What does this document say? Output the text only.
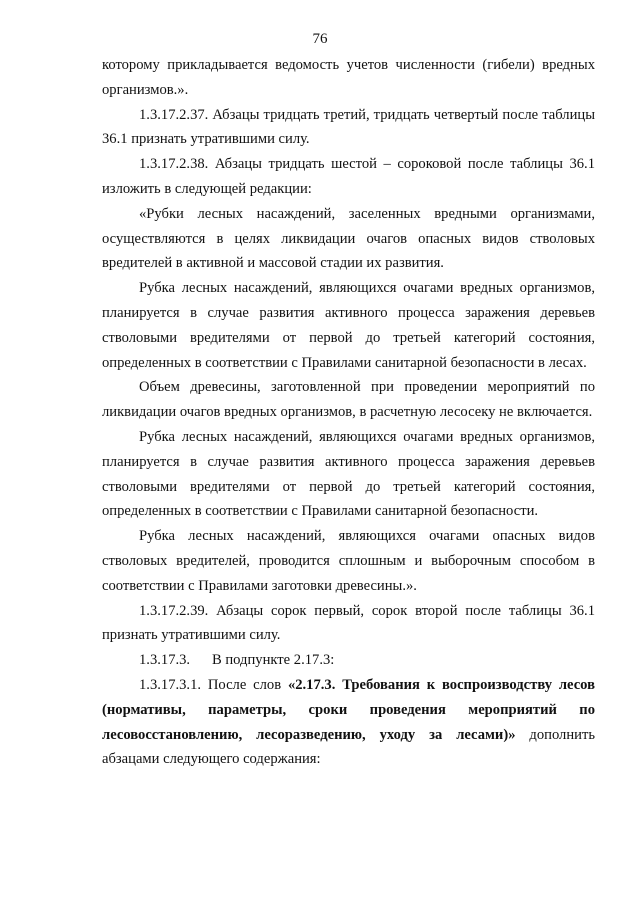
76

которому прикладывается ведомость учетов численности (гибели) вредных организмов.».

1.3.17.2.37. Абзацы тридцать третий, тридцать четвертый после таблицы 36.1 признать утратившими силу.

1.3.17.2.38. Абзацы тридцать шестой – сороковой после таблицы 36.1 изложить в следующей редакции:

«Рубки лесных насаждений, заселенных вредными организмами, осуществляются в целях ликвидации очагов опасных видов стволовых вредителей в активной и массовой стадии их развития.

Рубка лесных насаждений, являющихся очагами вредных организмов, планируется в случае развития активного процесса заражения деревьев стволовыми вредителями от первой до третьей категорий состояния, определенных в соответствии с Правилами санитарной безопасности в лесах.

Объем древесины, заготовленной при проведении мероприятий по ликвидации очагов вредных организмов, в расчетную лесосеку не включается.

Рубка лесных насаждений, являющихся очагами вредных организмов, планируется в случае развития активного процесса заражения деревьев стволовыми вредителями от первой до третьей категорий состояния, определенных в соответствии с Правилами санитарной безопасности.

Рубка лесных насаждений, являющихся очагами опасных видов стволовых вредителей, проводится сплошным и выборочным способом в соответствии с Правилами заготовки древесины.».

1.3.17.2.39. Абзацы сорок первый, сорок второй после таблицы 36.1 признать утратившими силу.

1.3.17.3.      В подпункте 2.17.3:

1.3.17.3.1. После слов «2.17.3. Требования к воспроизводству лесов (нормативы, параметры, сроки проведения мероприятий по лесовосстановлению, лесоразведению, уходу за лесами)» дополнить абзацами следующего содержания:
